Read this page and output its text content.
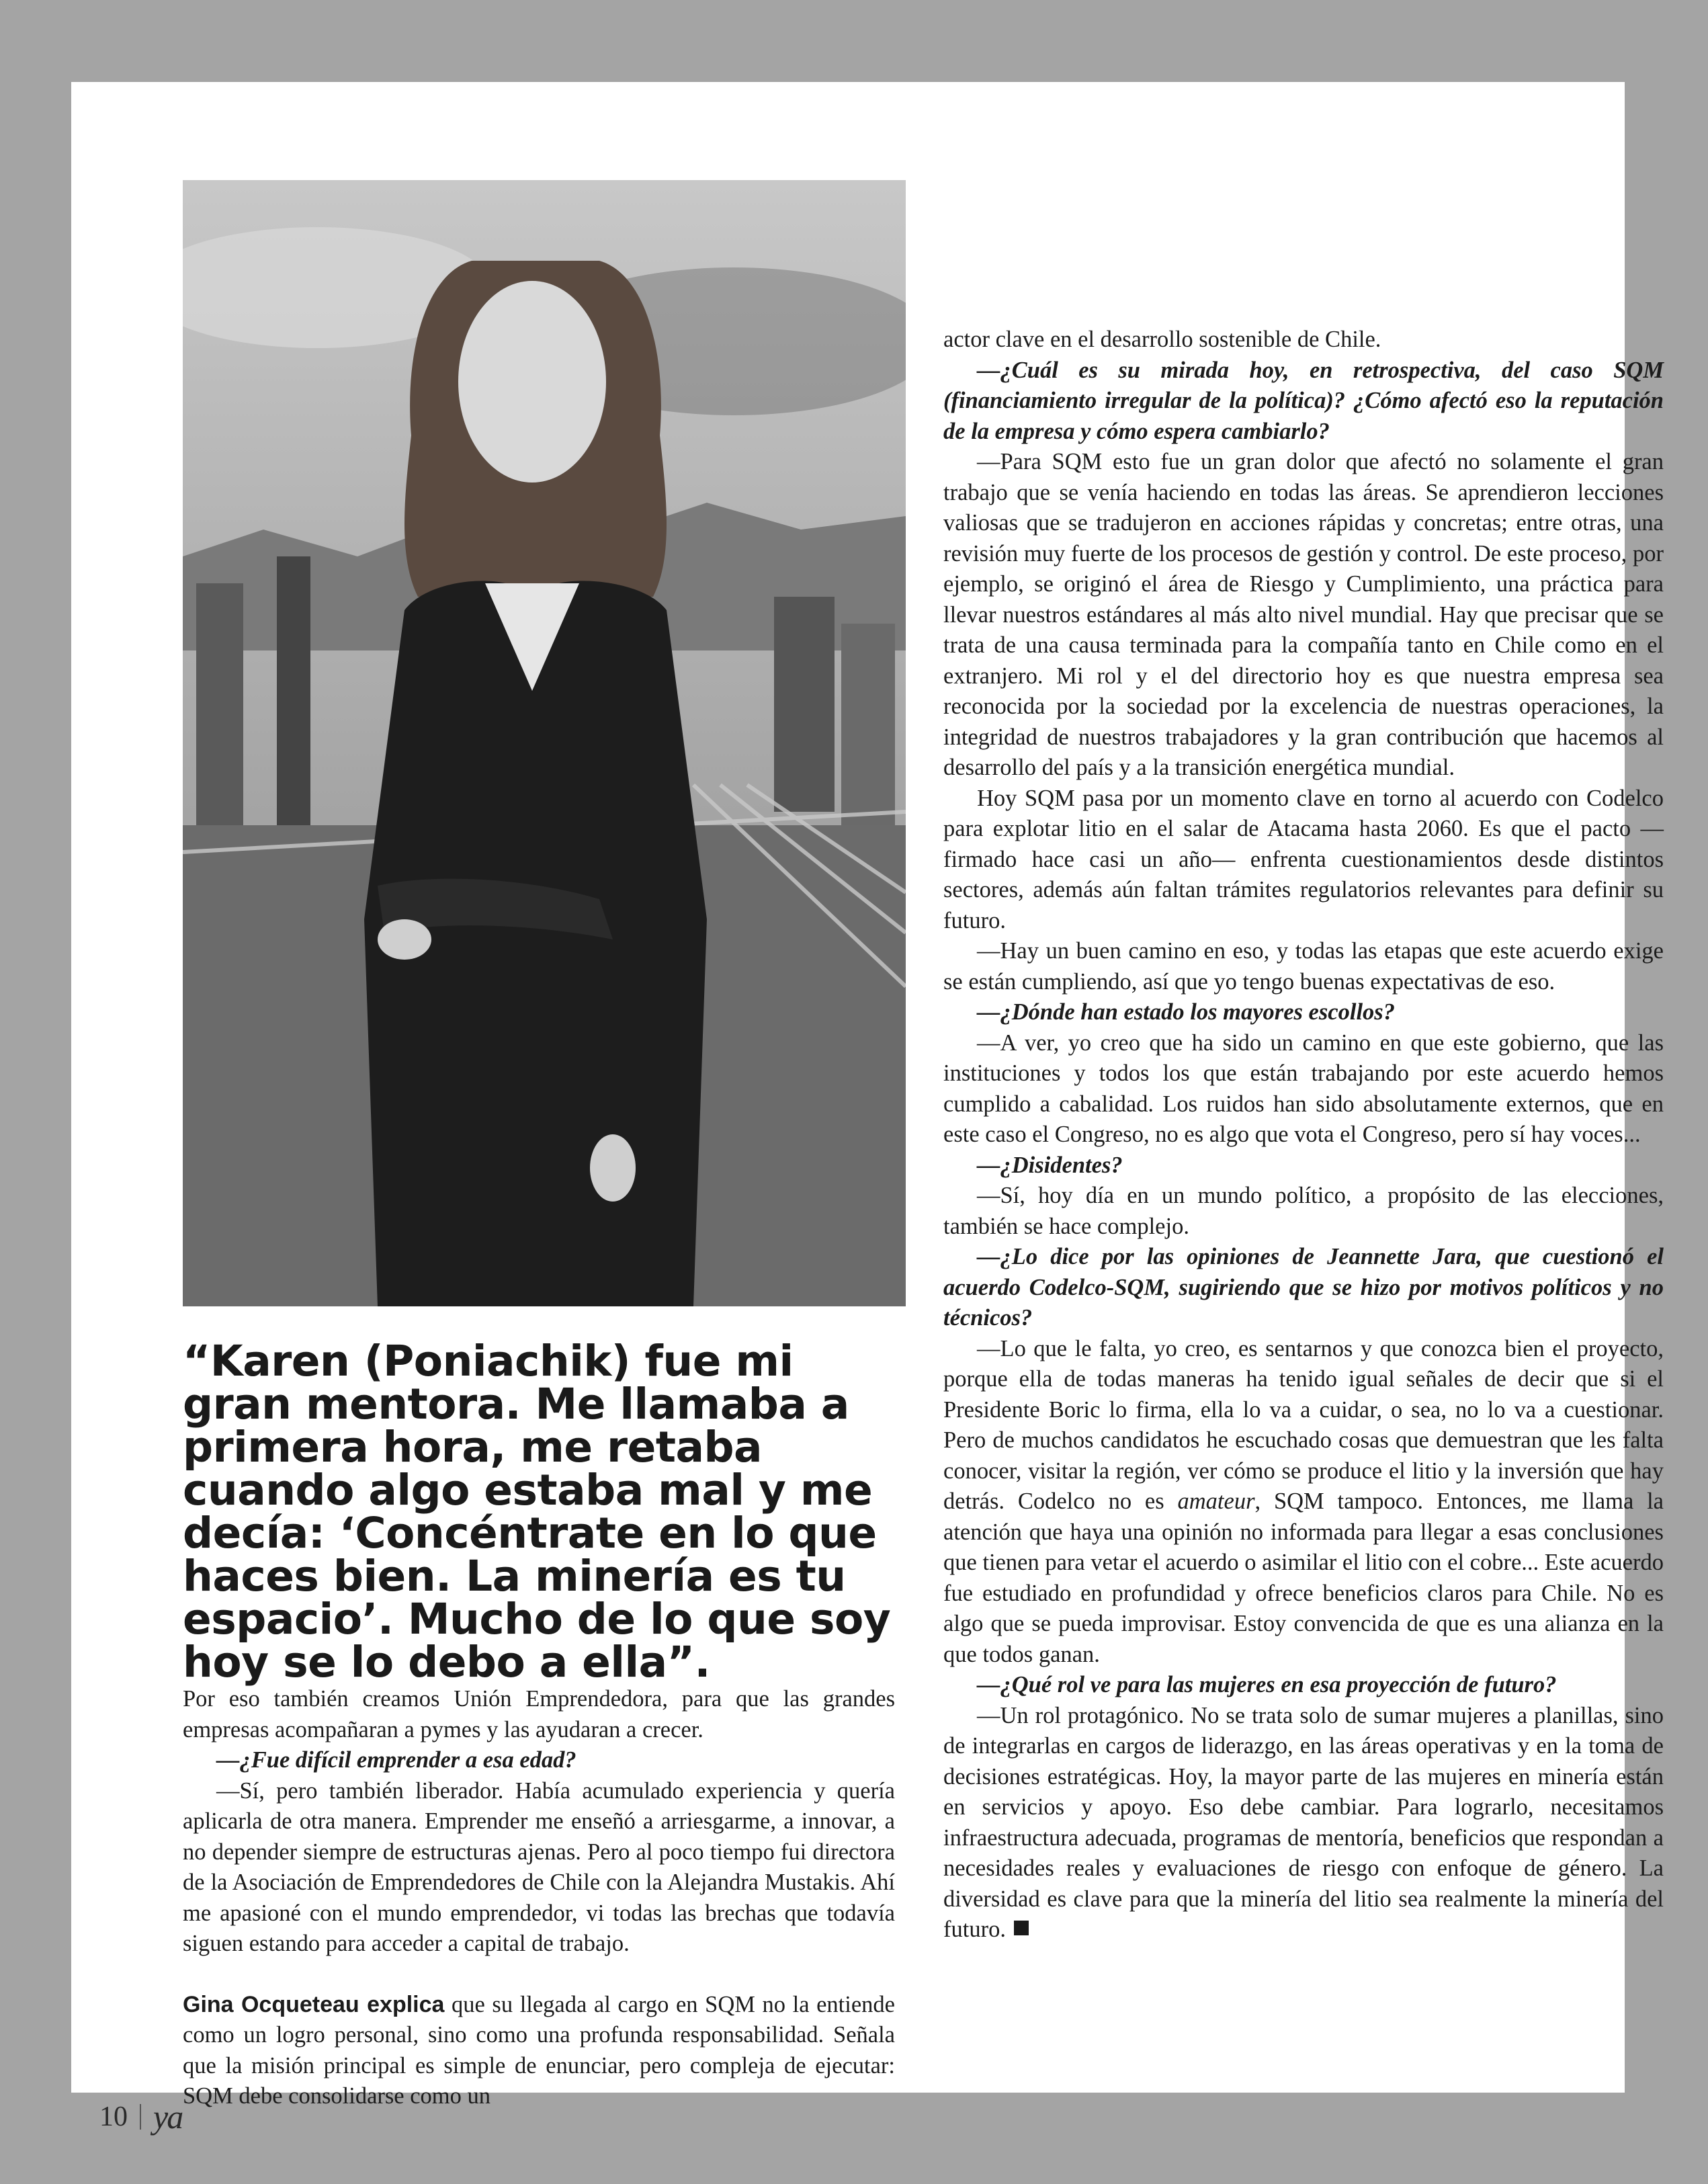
“Karen (Poniachik) fue mi gran mentora. Me llamaba a primera hora, me retaba cuando algo estaba mal y me decía: ‘Concéntrate en lo que haces bien. La minería es tu espacio’. Mucho de lo que soy hoy se lo debo a ella”.

Por eso también creamos Unión Emprendedora, para que las grandes empresas acompañaran a pymes y las ayudaran a crecer.

—¿Fue difícil emprender a esa edad?

—Sí, pero también liberador. Había acumulado experiencia y quería aplicarla de otra manera. Emprender me enseñó a arriesgarme, a innovar, a no depender siempre de estructuras ajenas. Pero al poco tiempo fui directora de la Asociación de Emprendedores de Chile con la Alejandra Mustakis. Ahí me apasioné con el mundo emprendedor, vi todas las brechas que todavía siguen estando para acceder a capital de trabajo.

Gina Ocqueteau explica que su llegada al cargo en SQM no la entiende como un logro personal, sino como una profunda responsabilidad. Señala que la misión principal es simple de enunciar, pero compleja de ejecutar: SQM debe consolidarse como un

actor clave en el desarrollo sostenible de Chile.

—¿Cuál es su mirada hoy, en retrospectiva, del caso SQM (financiamiento irregular de la política)? ¿Cómo afectó eso la reputación de la empresa y cómo espera cambiarlo?

—Para SQM esto fue un gran dolor que afectó no solamente el gran trabajo que se venía haciendo en todas las áreas. Se aprendieron lecciones valiosas que se tradujeron en acciones rápidas y concretas; entre otras, una revisión muy fuerte de los procesos de gestión y control. De este proceso, por ejemplo, se originó el área de Riesgo y Cumplimiento, una práctica para llevar nuestros estándares al más alto nivel mundial. Hay que precisar que se trata de una causa terminada para la compañía tanto en Chile como en el extranjero. Mi rol y el del directorio hoy es que nuestra empresa sea reconocida por la sociedad por la excelencia de nuestras operaciones, la integridad de nuestros trabajadores y la gran contribución que hacemos al desarrollo del país y a la transición energética mundial.

Hoy SQM pasa por un momento clave en torno al acuerdo con Codelco para explotar litio en el salar de Atacama hasta 2060. Es que el pacto —firmado hace casi un año— enfrenta cuestionamientos desde distintos sectores, además aún faltan trámites regulatorios relevantes para definir su futuro.

—Hay un buen camino en eso, y todas las etapas que este acuerdo exige se están cumpliendo, así que yo tengo buenas expectativas de eso.

—¿Dónde han estado los mayores escollos?

—A ver, yo creo que ha sido un camino en que este gobierno, que las instituciones y todos los que están trabajando por este acuerdo hemos cumplido a cabalidad. Los ruidos han sido absolutamente externos, que en este caso el Congreso, no es algo que vota el Congreso, pero sí hay voces...

—¿Disidentes?

—Sí, hoy día en un mundo político, a propósito de las elecciones, también se hace complejo.

—¿Lo dice por las opiniones de Jeannette Jara, que cuestionó el acuerdo Codelco-SQM, sugiriendo que se hizo por motivos políticos y no técnicos?

—Lo que le falta, yo creo, es sentarnos y que conozca bien el proyecto, porque ella de todas maneras ha tenido igual señales de decir que si el Presidente Boric lo firma, ella lo va a cuidar, o sea, no lo va a cuestionar. Pero de muchos candidatos he escuchado cosas que demuestran que les falta conocer, visitar la región, ver cómo se produce el litio y la inversión que hay detrás. Codelco no es amateur, SQM tampoco. Entonces, me llama la atención que haya una opinión no informada para llegar a esas conclusiones que tienen para vetar el acuerdo o asimilar el litio con el cobre... Este acuerdo fue estudiado en profundidad y ofrece beneficios claros para Chile. No es algo que se pueda improvisar. Estoy convencida de que es una alianza en la que todos ganan.

—¿Qué rol ve para las mujeres en esa proyección de futuro?

—Un rol protagónico. No se trata solo de sumar mujeres a planillas, sino de integrarlas en cargos de liderazgo, en las áreas operativas y en la toma de decisiones estratégicas. Hoy, la mayor parte de las mujeres en minería están en servicios y apoyo. Eso debe cambiar. Para lograrlo, necesitamos infraestructura adecuada, programas de mentoría, beneficios que respondan a necesidades reales y evaluaciones de riesgo con enfoque de género. La diversidad es clave para que la minería del litio sea realmente la minería del futuro.

10 ya
